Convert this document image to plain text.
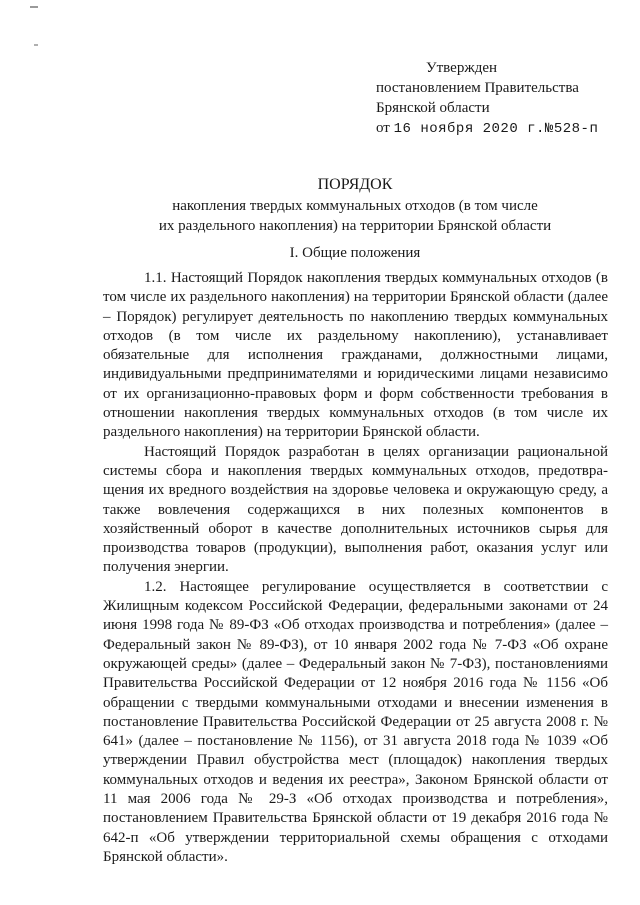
Утвержден
постановлением Правительства
Брянской области
от 16 ноября 2020 г.№528-п
ПОРЯДОК
накопления твердых коммунальных отходов (в том числе
их раздельного накопления) на территории Брянской области
I. Общие положения

1.1. Настоящий Порядок накопления твердых коммунальных отходов (в том числе их раздельного накопления) на территории Брянской области (далее – Порядок) регулирует деятельность по накоплению твердых коммунальных отходов (в том числе их раздельному накоплению), устанавливает обязательные для исполнения гражданами, должностными лицами, индивидуальными предпринимателями и юридическими лицами независимо от их организационно-правовых форм и форм собственности требования в отношении накопления твердых коммунальных отходов (в том числе их раздельного накопления) на территории Брянской области.

Настоящий Порядок разработан в целях организации рациональной системы сбора и накопления твердых коммунальных отходов, предотвращения их вредного воздействия на здоровье человека и окружающую среду, а также вовлечения содержащихся в них полезных компонентов в хозяйственный оборот в качестве дополнительных источников сырья для производства товаров (продукции), выполнения работ, оказания услуг или получения энергии.

1.2. Настоящее регулирование осуществляется в соответствии с Жилищным кодексом Российской Федерации, федеральными законами от 24 июня 1998 года № 89-ФЗ «Об отходах производства и потребления» (далее – Федеральный закон № 89-ФЗ), от 10 января 2002 года № 7-ФЗ «Об охране окружающей среды» (далее – Федеральный закон № 7-ФЗ), постановлениями Правительства Российской Федерации от 12 ноября 2016 года № 1156 «Об обращении с твердыми коммунальными отходами и внесении изменения в постановление Правительства Российской Федерации от 25 августа 2008 г. № 641» (далее – постановление № 1156), от 31 августа 2018 года № 1039 «Об утверждении Правил обустройства мест (площадок) накопления твердых коммунальных отходов и ведения их реестра», Законом Брянской области от 11 мая 2006 года № 29-З «Об отходах производства и потребления», постановлением Правительства Брянской области от 19 декабря 2016 года № 642-п «Об утверждении территориальной схемы обращения с отходами Брянской области».
